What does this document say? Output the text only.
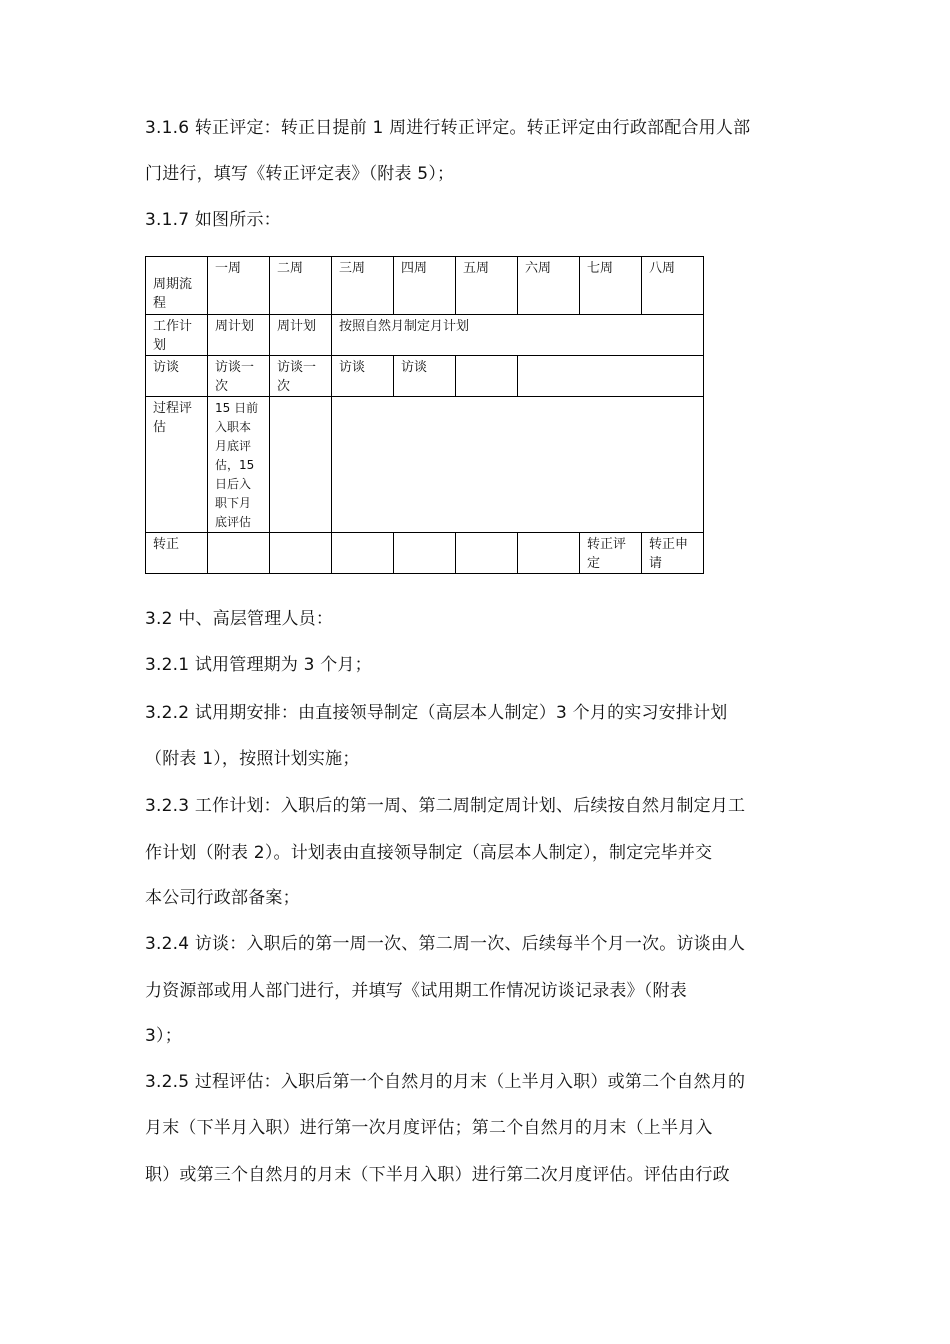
3.1.6 转正评定：转正日提前 1 周进行转正评定。转正评定由行政部配合用人部
门进行，填写《转正评定表》（附表 5）；
3.1.7 如图所示：
周期流程	一周	二周	三周	四周	五周	六周	七周	八周
工作计划	周计划	周计划	按照自然月制定月计划					
访谈	访谈一次	访谈一次	访谈	访谈				
过程评估	15 日前入职本月底评估，15 日后入职下月底评估							
转正							转正评定	转正申请
3.2 中、高层管理人员：
3.2.1 试用管理期为 3 个月；
3.2.2 试用期安排：由直接领导制定（高层本人制定）3 个月的实习安排计划
（附表 1），按照计划实施；
3.2.3 工作计划：入职后的第一周、第二周制定周计划、后续按自然月制定月工
作计划（附表 2）。计划表由直接领导制定（高层本人制定），制定完毕并交
本公司行政部备案；
3.2.4 访谈：入职后的第一周一次、第二周一次、后续每半个月一次。访谈由人
力资源部或用人部门进行，并填写《试用期工作情况访谈记录表》（附表
3）；
3.2.5 过程评估：入职后第一个自然月的月末（上半月入职）或第二个自然月的
月末（下半月入职）进行第一次月度评估；第二个自然月的月末（上半月入
职）或第三个自然月的月末（下半月入职）进行第二次月度评估。评估由行政
